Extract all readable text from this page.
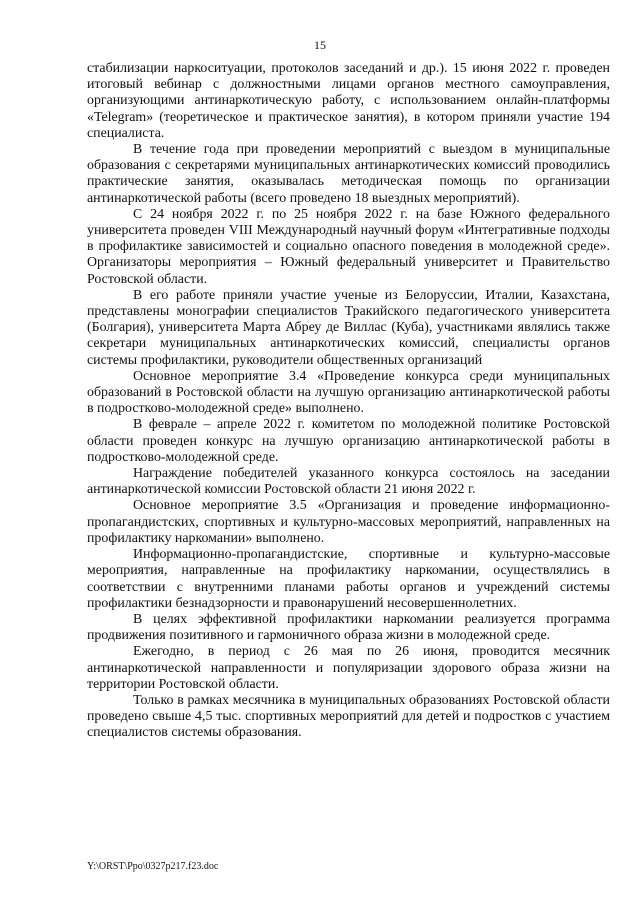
15

стабилизации наркоситуации, протоколов заседаний и др.). 15 июня 2022 г. проведен итоговый вебинар с должностными лицами органов местного самоуправления, организующими антинаркотическую работу, с использованием онлайн-платформы «Telegram» (теоретическое и практическое занятия), в котором приняли участие 194 специалиста.

В течение года при проведении мероприятий с выездом в муниципальные образования с секретарями муниципальных антинаркотических комиссий проводились практические занятия, оказывалась методическая помощь по организации антинаркотической работы (всего проведено 18 выездных мероприятий).

С 24 ноября 2022 г. по 25 ноября 2022 г. на базе Южного федерального университета проведен VIII Международный научный форум «Интегративные подходы в профилактике зависимостей и социально опасного поведения в молодежной среде». Организаторы мероприятия – Южный федеральный университет и Правительство Ростовской области.

В его работе приняли участие ученые из Белоруссии, Италии, Казахстана, представлены монографии специалистов Тракийского педагогического университета (Болгария), университета Марта Абреу де Виллас (Куба), участниками являлись также секретари муниципальных антинаркотических комиссий, специалисты органов системы профилактики, руководители общественных организаций

Основное мероприятие 3.4 «Проведение конкурса среди муниципальных образований в Ростовской области на лучшую организацию антинаркотической работы в подростково-молодежной среде» выполнено.

В феврале – апреле 2022 г. комитетом по молодежной политике Ростовской области проведен конкурс на лучшую организацию антинаркотической работы в подростково-молодежной среде.

Награждение победителей указанного конкурса состоялось на заседании антинаркотической комиссии Ростовской области 21 июня 2022 г.

Основное мероприятие 3.5 «Организация и проведение информационно-пропагандистских, спортивных и культурно-массовых мероприятий, направленных на профилактику наркомании» выполнено.

Информационно-пропагандистские, спортивные и культурно-массовые мероприятия, направленные на профилактику наркомании, осуществлялись в соответствии с внутренними планами работы органов и учреждений системы профилактики безнадзорности и правонарушений несовершеннолетних.

В целях эффективной профилактики наркомании реализуется программа продвижения позитивного и гармоничного образа жизни в молодежной среде.

Ежегодно, в период с 26 мая по 26 июня, проводится месячник антинаркотической направленности и популяризации здорового образа жизни на территории Ростовской области.

Только в рамках месячника в муниципальных образованиях Ростовской области проведено свыше 4,5 тыс. спортивных мероприятий для детей и подростков с участием специалистов системы образования.

Y:\ORST\Ppo\0327p217.f23.doc
